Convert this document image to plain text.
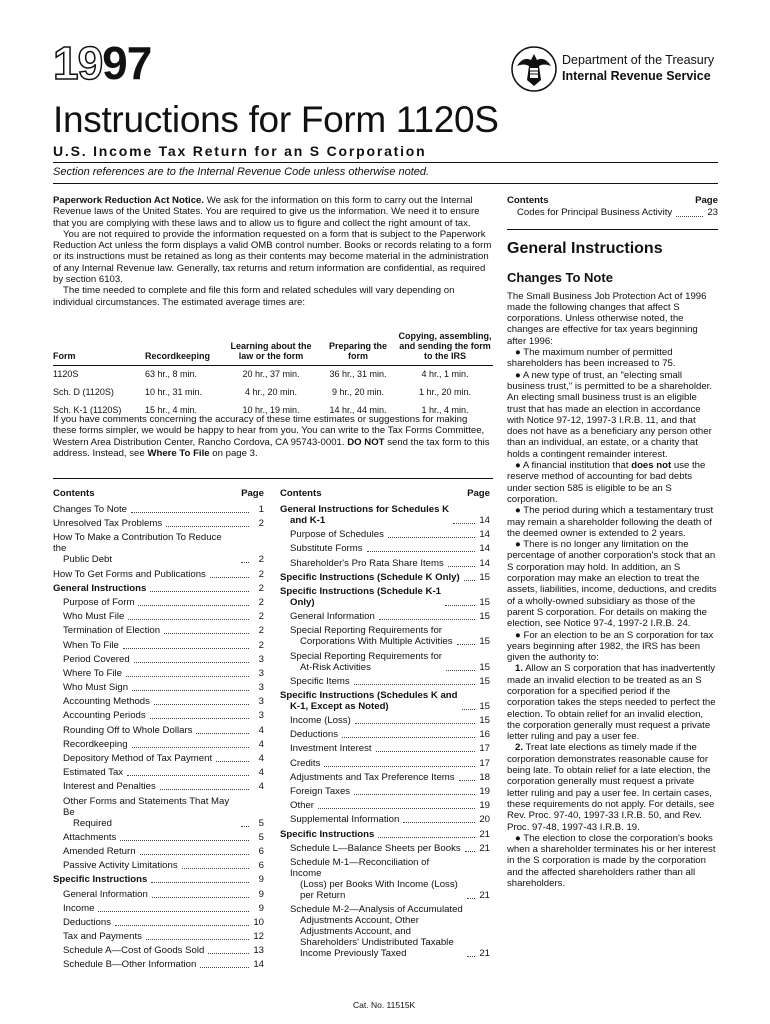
1997	Department of the Treasury
Internal Revenue Service
Instructions for Form 1120S
U.S. Income Tax Return for an S Corporation
Section references are to the Internal Revenue Code unless otherwise noted.

Paperwork Reduction Act Notice. We ask for the information on this form to carry out the Internal Revenue laws of the United States. You are required to give us the information. We need it to ensure that you are complying with these laws and to allow us to figure and collect the right amount of tax.

You are not required to provide the information requested on a form that is subject to the Paperwork Reduction Act unless the form displays a valid OMB control number. Books or records relating to a form or its instructions must be retained as long as their contents may become material in the administration of any Internal Revenue law. Generally, tax returns and return information are confidential, as required by section 6103.

The time needed to complete and file this form and related schedules will vary depending on individual circumstances. The estimated average times are:

Form	Recordkeeping	Learning about the law or the form	Preparing the form	Copying, assembling, and sending the form to the IRS
1120S	63 hr., 8 min.	20 hr., 37 min.	36 hr., 31 min.	4 hr., 1 min.
Sch. D (1120S)	10 hr., 31 min.	4 hr., 20 min.	9 hr., 20 min.	1 hr., 20 min.
Sch. K-1 (1120S)	15 hr., 4 min.	10 hr., 19 min.	14 hr., 44 min.	1 hr., 4 min.

If you have comments concerning the accuracy of these time estimates or suggestions for making these forms simpler, we would be happy to hear from you. You can write to the Tax Forms Committee, Western Area Distribution Center, Rancho Cordova, CA 95743-0001. DO NOT send the tax form to this address. Instead, see Where To File on page 3.

Contents	Page
Changes To Note	1
Unresolved Tax Problems	2
How To Make a Contribution To Reduce the
Public Debt	2
How To Get Forms and Publications	2
General Instructions	2
Purpose of Form	2
Who Must File	2
Termination of Election	2
When To File	2
Period Covered	3
Where To File	3
Who Must Sign	3
Accounting Methods	3
Accounting Periods	3
Rounding Off to Whole Dollars	4
Recordkeeping	4
Depository Method of Tax Payment	4
Estimated Tax	4
Interest and Penalties	4
Other Forms and Statements That May Be
Required	5
Attachments	5
Amended Return	6
Passive Activity Limitations	6
Specific Instructions	9
General Information	9
Income	9
Deductions	10
Tax and Payments	12
Schedule A—Cost of Goods Sold	13
Schedule B—Other Information	14
Contents	Page
General Instructions for Schedules K
and K-1	14
Purpose of Schedules	14
Substitute Forms	14
Shareholder's Pro Rata Share Items	14
Specific Instructions (Schedule K Only) 15
Specific Instructions (Schedule K-1
Only)	15
General Information	15
Special Reporting Requirements for
Corporations With Multiple Activities	15
Special Reporting Requirements for
At-Risk Activities	15
Specific Items	15
Specific Instructions (Schedules K and
K-1, Except as Noted)	15
Income (Loss)	15
Deductions	16
Investment Interest	17
Credits	17
Adjustments and Tax Preference Items	18
Foreign Taxes	19
Other	19
Supplemental Information	20
Specific Instructions	21
Schedule L—Balance Sheets per Books 21
Schedule M-1—Reconciliation of Income
(Loss) per Books With Income (Loss)
per Return	21
Schedule M-2—Analysis of Accumulated
Adjustments Account, Other
Adjustments Account, and
Shareholders' Undistributed Taxable
Income Previously Taxed	21
Cat. No. 11515K
Contents	Page
Codes for Principal Business Activity	23
General Instructions
Changes To Note

The Small Business Job Protection Act of 1996 made the following changes that affect S corporations. Unless otherwise noted, the changes are effective for tax years beginning after 1996:

● The maximum number of permitted shareholders has been increased to 75.

● A new type of trust, an "electing small business trust," is permitted to be a shareholder. An electing small business trust is an eligible trust that has made an election in accordance with Notice 97-12, 1997-3 I.R.B. 11, and that does not have as a beneficiary any person other than an individual, an estate, or a charity that holds a contingent remainder interest.

● A financial institution that does not use the reserve method of accounting for bad debts under section 585 is eligible to be an S corporation.

● The period during which a testamentary trust may remain a shareholder following the death of the deemed owner is extended to 2 years.

● There is no longer any limitation on the percentage of another corporation's stock that an S corporation may hold. In addition, an S corporation may make an election to treat the assets, liabilities, income, deductions, and credits of a wholly-owned subsidiary as those of the parent S corporation. For details on making the election, see Notice 97-4, 1997-2 I.R.B. 24.

● For an election to be an S corporation for tax years beginning after 1982, the IRS has been given the authority to:

1. Allow an S corporation that has inadvertently made an invalid election to be treated as an S corporation for a specified period if the corporation takes the steps needed to perfect the election. To obtain relief for an invalid election, the corporation generally must request a private letter ruling and pay a user fee.

2. Treat late elections as timely made if the corporation demonstrates reasonable cause for being late. To obtain relief for a late election, the corporation generally must request a private letter ruling and pay a user fee. In certain cases, these requirements do not apply. For details, see Rev. Proc. 97-40, 1997-33 I.R.B. 50, and Rev. Proc. 97-48, 1997-43 I.R.B. 19.

● The election to close the corporation's books when a shareholder terminates his or her interest in the S corporation is made by the corporation and the affected shareholders rather than all shareholders.
